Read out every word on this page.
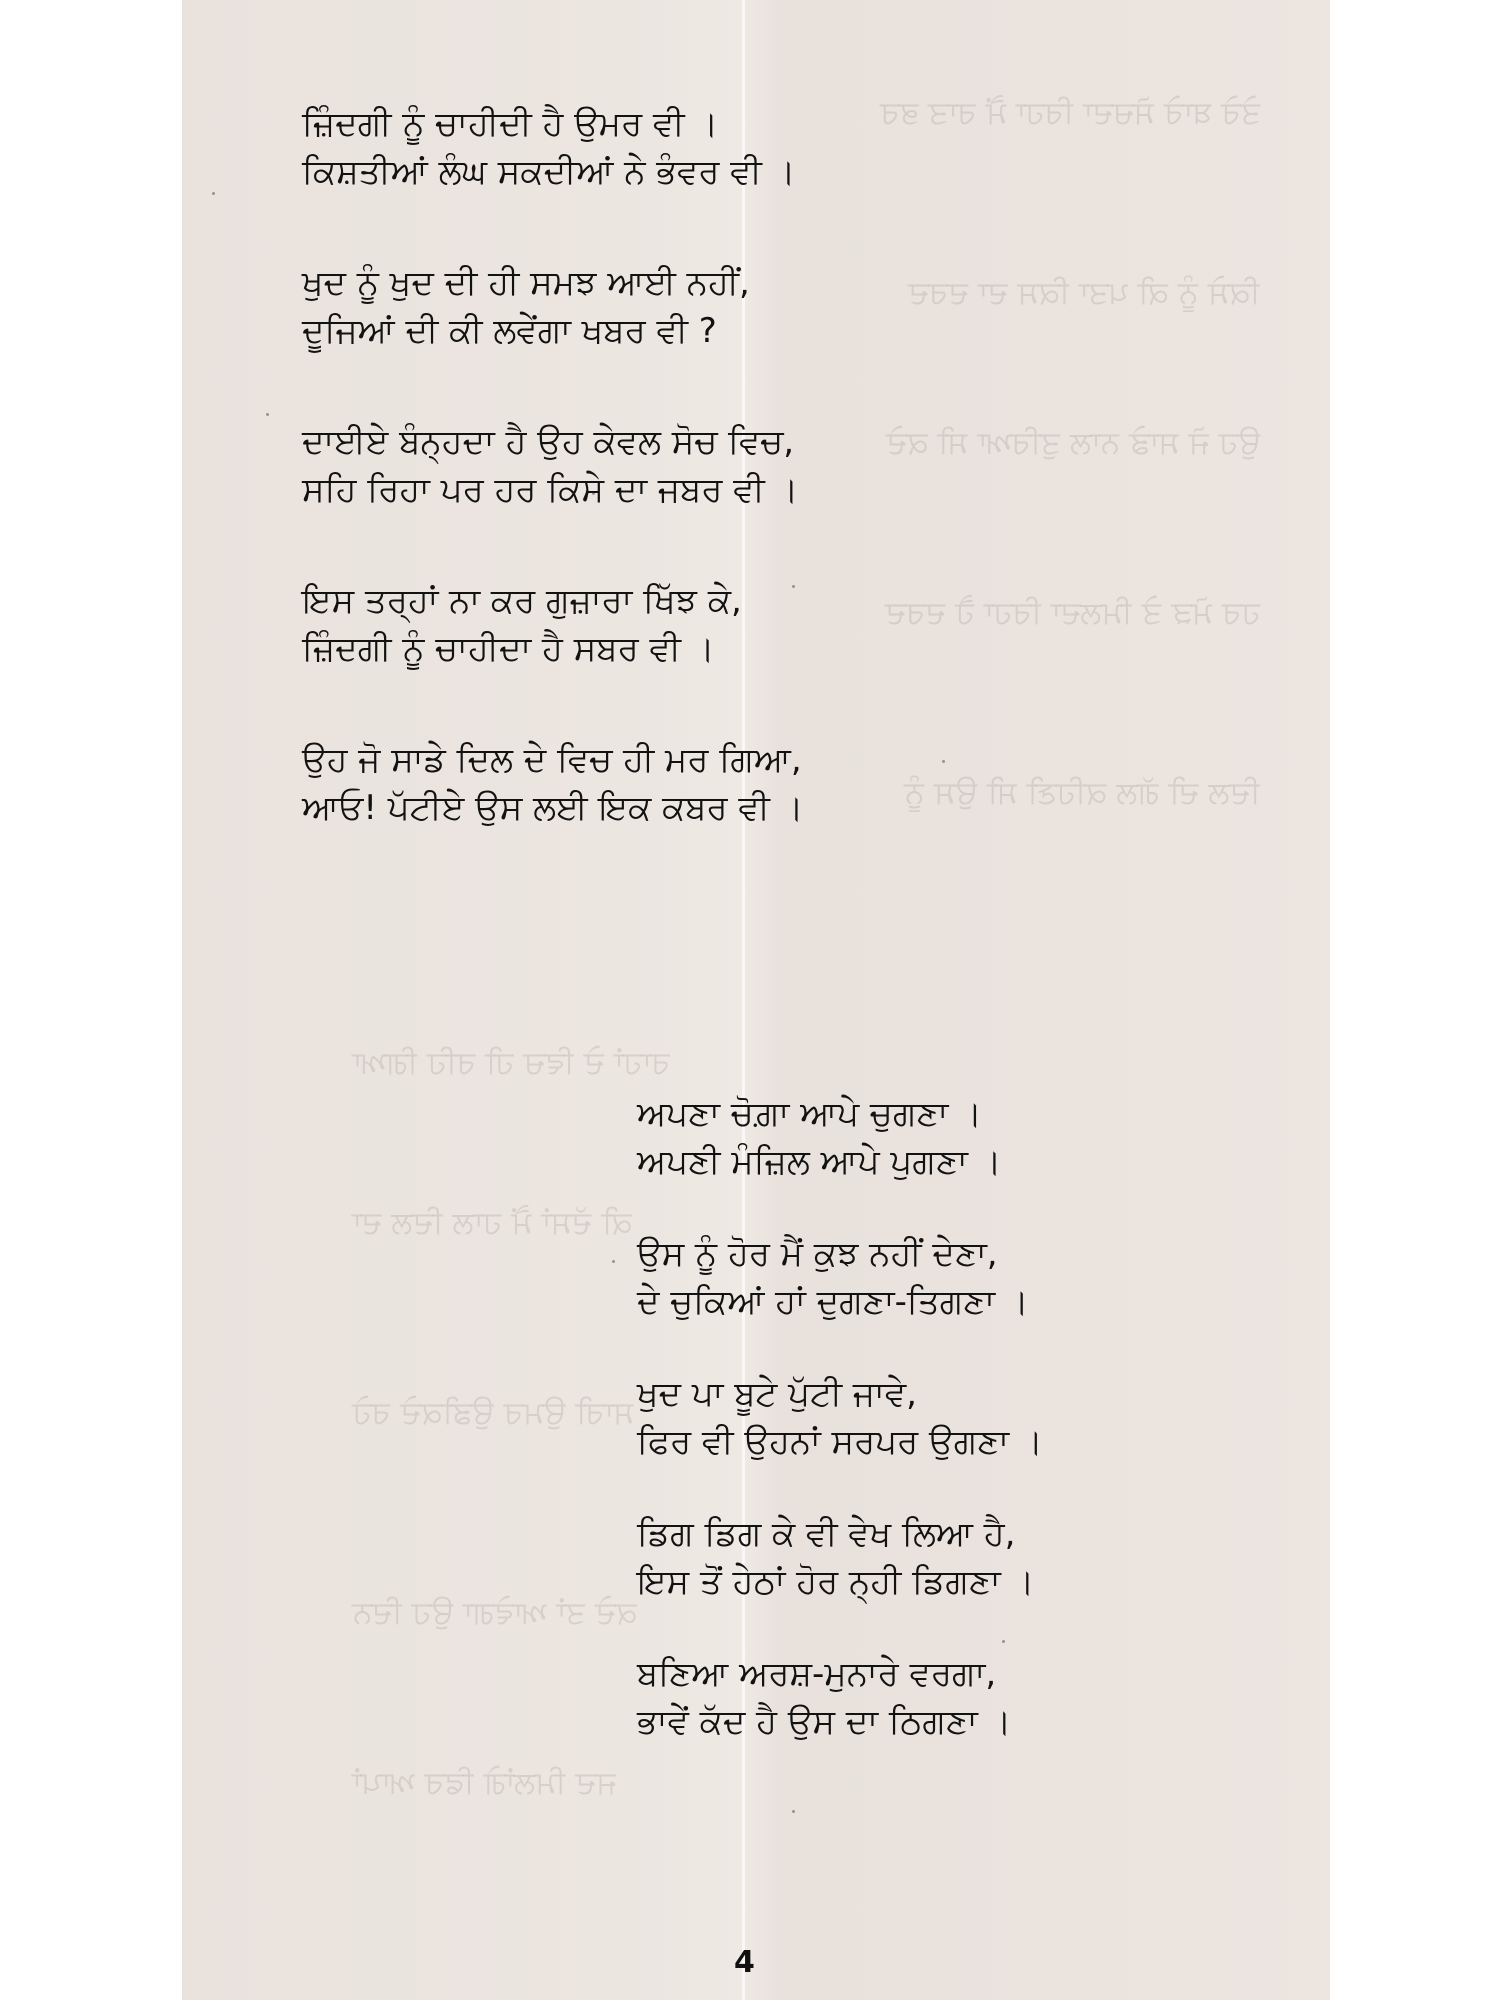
ਤੇਰੇ ਬਾਰੇ ਸੋਚਦਾ ਰਿਹਾ ਮੈਂ ਰਾਤ ਭਰ
ਕਿਸੇ ਨੂੰ ਕੀ ਪਤਾ ਕਿਸ ਦਾ ਦਰਦ
ਉਹ ਜੋ ਸਾਡੇ ਨਾਲ ਤੁਰਿਆ ਸੀ ਕਦੇ
ਹਰ ਮੋੜ ਤੇ ਮਿਲਦਾ ਰਿਹਾ ਹੈ ਦਰਦ
ਦਿਲ ਦੀ ਗੱਲ ਕਹਿਣੀ ਸੀ ਉਸ ਨੂੰ
ਰਾਹਾਂ ਦੇ ਵਿਚ ਹੀ ਰਹਿ ਗਿਆ
ਕੀ ਦੱਸਾਂ ਮੈਂ ਹਾਲ ਦਿਲ ਦਾ
ਸਾਰੀ ਉਮਰ ਉਡੀਕਦੇ ਰਹੇ
ਕਦੇ ਤਾਂ ਆਵੇਗਾ ਉਹ ਦਿਨ
ਜਦ ਮਿਲਾਂਗੇ ਫਿਰ ਆਪਾਂ
ਜ਼ਿੰਦਗੀ ਨੂੰ ਚਾਹੀਦੀ ਹੈ ਉਮਰ ਵੀ ।
ਕਿਸ਼ਤੀਆਂ ਲੰਘ ਸਕਦੀਆਂ ਨੇ ਭੰਵਰ ਵੀ ।
ਖੁਦ ਨੂੰ ਖੁਦ ਦੀ ਹੀ ਸਮਝ ਆਈ ਨਹੀਂ,
ਦੂਜਿਆਂ ਦੀ ਕੀ ਲਵੇਂਗਾ ਖਬਰ ਵੀ ?
ਦਾਈਏ ਬੰਨ੍ਹਦਾ ਹੈ ਉਹ ਕੇਵਲ ਸੋਚ ਵਿਚ,
ਸਹਿ ਰਿਹਾ ਪਰ ਹਰ ਕਿਸੇ ਦਾ ਜਬਰ ਵੀ ।
ਇਸ ਤਰ੍ਹਾਂ ਨਾ ਕਰ ਗੁਜ਼ਾਰਾ ਖਿੱਝ ਕੇ,
ਜ਼ਿੰਦਗੀ ਨੂੰ ਚਾਹੀਦਾ ਹੈ ਸਬਰ ਵੀ ।
ਉਹ ਜੋ ਸਾਡੇ ਦਿਲ ਦੇ ਵਿਚ ਹੀ ਮਰ ਗਿਆ,
ਆਓ! ਪੱਟੀਏ ਉਸ ਲਈ ਇਕ ਕਬਰ ਵੀ ।
ਅਪਣਾ ਚੋਗ਼ਾ ਆਪੇ ਚੁਗਣਾ ।
ਅਪਣੀ ਮੰਜ਼ਿਲ ਆਪੇ ਪੁਗਣਾ ।
ਉਸ ਨੂੰ ਹੋਰ ਮੈਂ ਕੁਝ ਨਹੀਂ ਦੇਣਾ,
ਦੇ ਚੁਕਿਆਂ ਹਾਂ ਦੁਗਣਾ-ਤਿਗਣਾ ।
ਖੁਦ ਪਾ ਬੂਟੇ ਪੁੱਟੀ ਜਾਵੇ,
ਫਿਰ ਵੀ ਉਹਨਾਂ ਸਰਪਰ ਉਗਣਾ ।
ਡਿਗ ਡਿਗ ਕੇ ਵੀ ਵੇਖ ਲਿਆ ਹੈ,
ਇਸ ਤੋਂ ਹੇਠਾਂ ਹੋਰ ਨ੍ਹੀ ਡਿਗਣਾ ।
ਬਣਿਆ ਅਰਸ਼-ਮੁਨਾਰੇ ਵਰਗਾ,
ਭਾਵੇਂ ਕੱਦ ਹੈ ਉਸ ਦਾ ਠਿਗਣਾ ।
4
